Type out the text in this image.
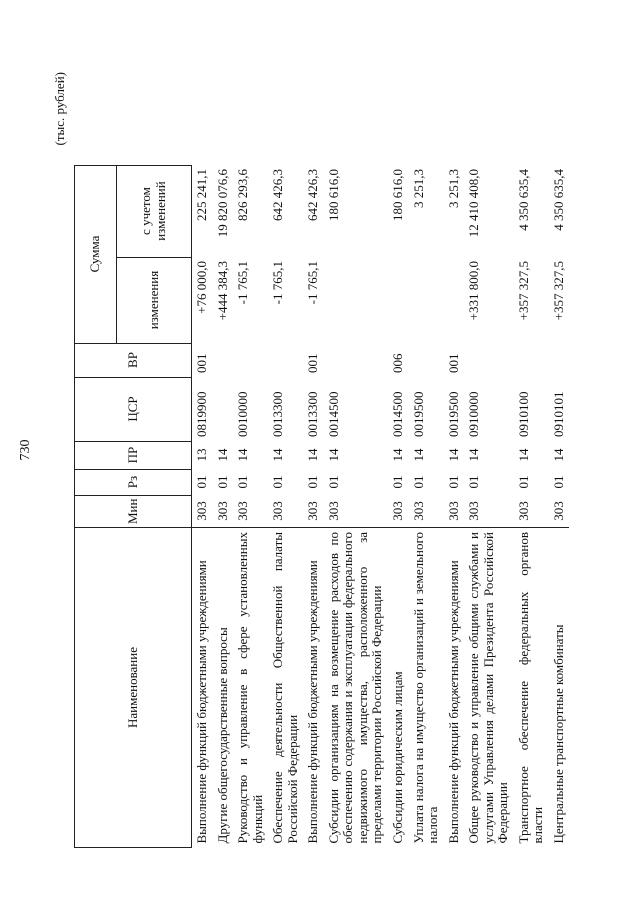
730
(тыс. рублей)
Наименование	Мин	Рз	ПР	ЦСР	ВР	Сумма	
						изменения	с учетом изменений
Выполнение функций бюджетными учреждениями	303	01	13	0819900	001	+76 000,0	225 241,1
Другие общегосударственные вопросы	303	01	14			+444 384,3	19 820 076,6
Руководство и управление в сфере установленных функций	303	01	14	0010000		-1 765,1	826 293,6
Обеспечение деятельности Общественной палаты Российской Федерации	303	01	14	0013300		-1 765,1	642 426,3
Выполнение функций бюджетными учреждениями	303	01	14	0013300	001	-1 765,1	642 426,3
Субсидии организациям на возмещение расходов по обеспечению содержания и эксплуатации федерального недвижимого имущества, расположенного за пределами территории Российской Федерации	303	01	14	0014500			180 616,0
Субсидии юридическим лицам	303	01	14	0014500	006		180 616,0
Уплата налога на имущество организаций и земельного налога	303	01	14	0019500			3 251,3
Выполнение функций бюджетными учреждениями	303	01	14	0019500	001		3 251,3
Общее руководство и управление общими службами и услугами Управления делами Президента Российской Федерации	303	01	14	0910000		+331 800,0	12 410 408,0
Транспортное обеспечение федеральных органов власти	303	01	14	0910100		+357 327,5	4 350 635,4
Центральные транспортные комбинаты	303	01	14	0910101		+357 327,5	4 350 635,4
